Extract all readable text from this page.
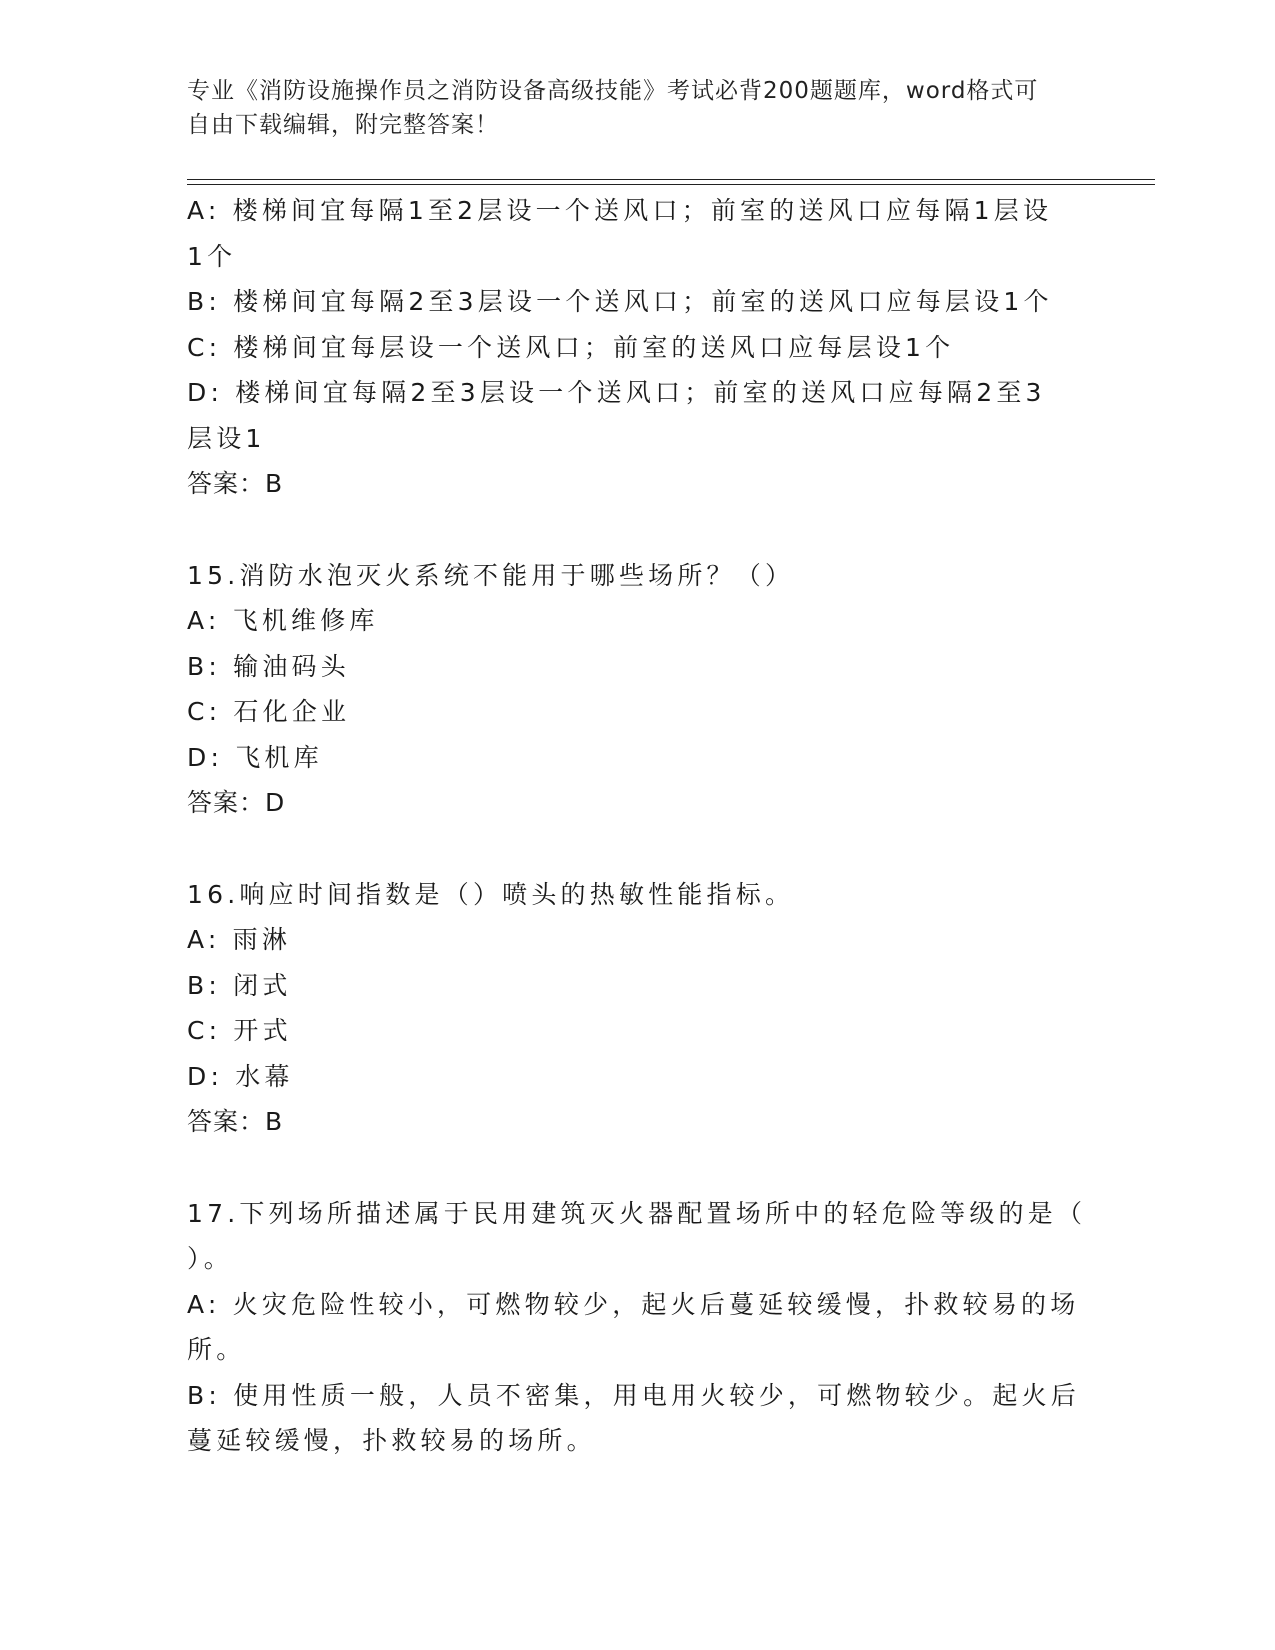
专业《消防设施操作员之消防设备高级技能》考试必背200题题库，word格式可
自由下载编辑，附完整答案！
A: 楼梯间宜每隔1至2层设一个送风口；前室的送风口应每隔1层设
1个
B: 楼梯间宜每隔2至3层设一个送风口；前室的送风口应每层设1个
C: 楼梯间宜每层设一个送风口；前室的送风口应每层设1个
D: 楼梯间宜每隔2至3层设一个送风口；前室的送风口应每隔2至3
层设1
答案：B
15.消防水泡灭火系统不能用于哪些场所？（）
A: 飞机维修库
B: 输油码头
C: 石化企业
D: 飞机库
答案：D
16.响应时间指数是（）喷头的热敏性能指标。
A: 雨淋
B: 闭式
C: 开式
D: 水幕
答案：B
17.下列场所描述属于民用建筑灭火器配置场所中的轻危险等级的是（
）。
A: 火灾危险性较小，可燃物较少，起火后蔓延较缓慢，扑救较易的场
所。
B: 使用性质一般，人员不密集，用电用火较少，可燃物较少。起火后
蔓延较缓慢，扑救较易的场所。
